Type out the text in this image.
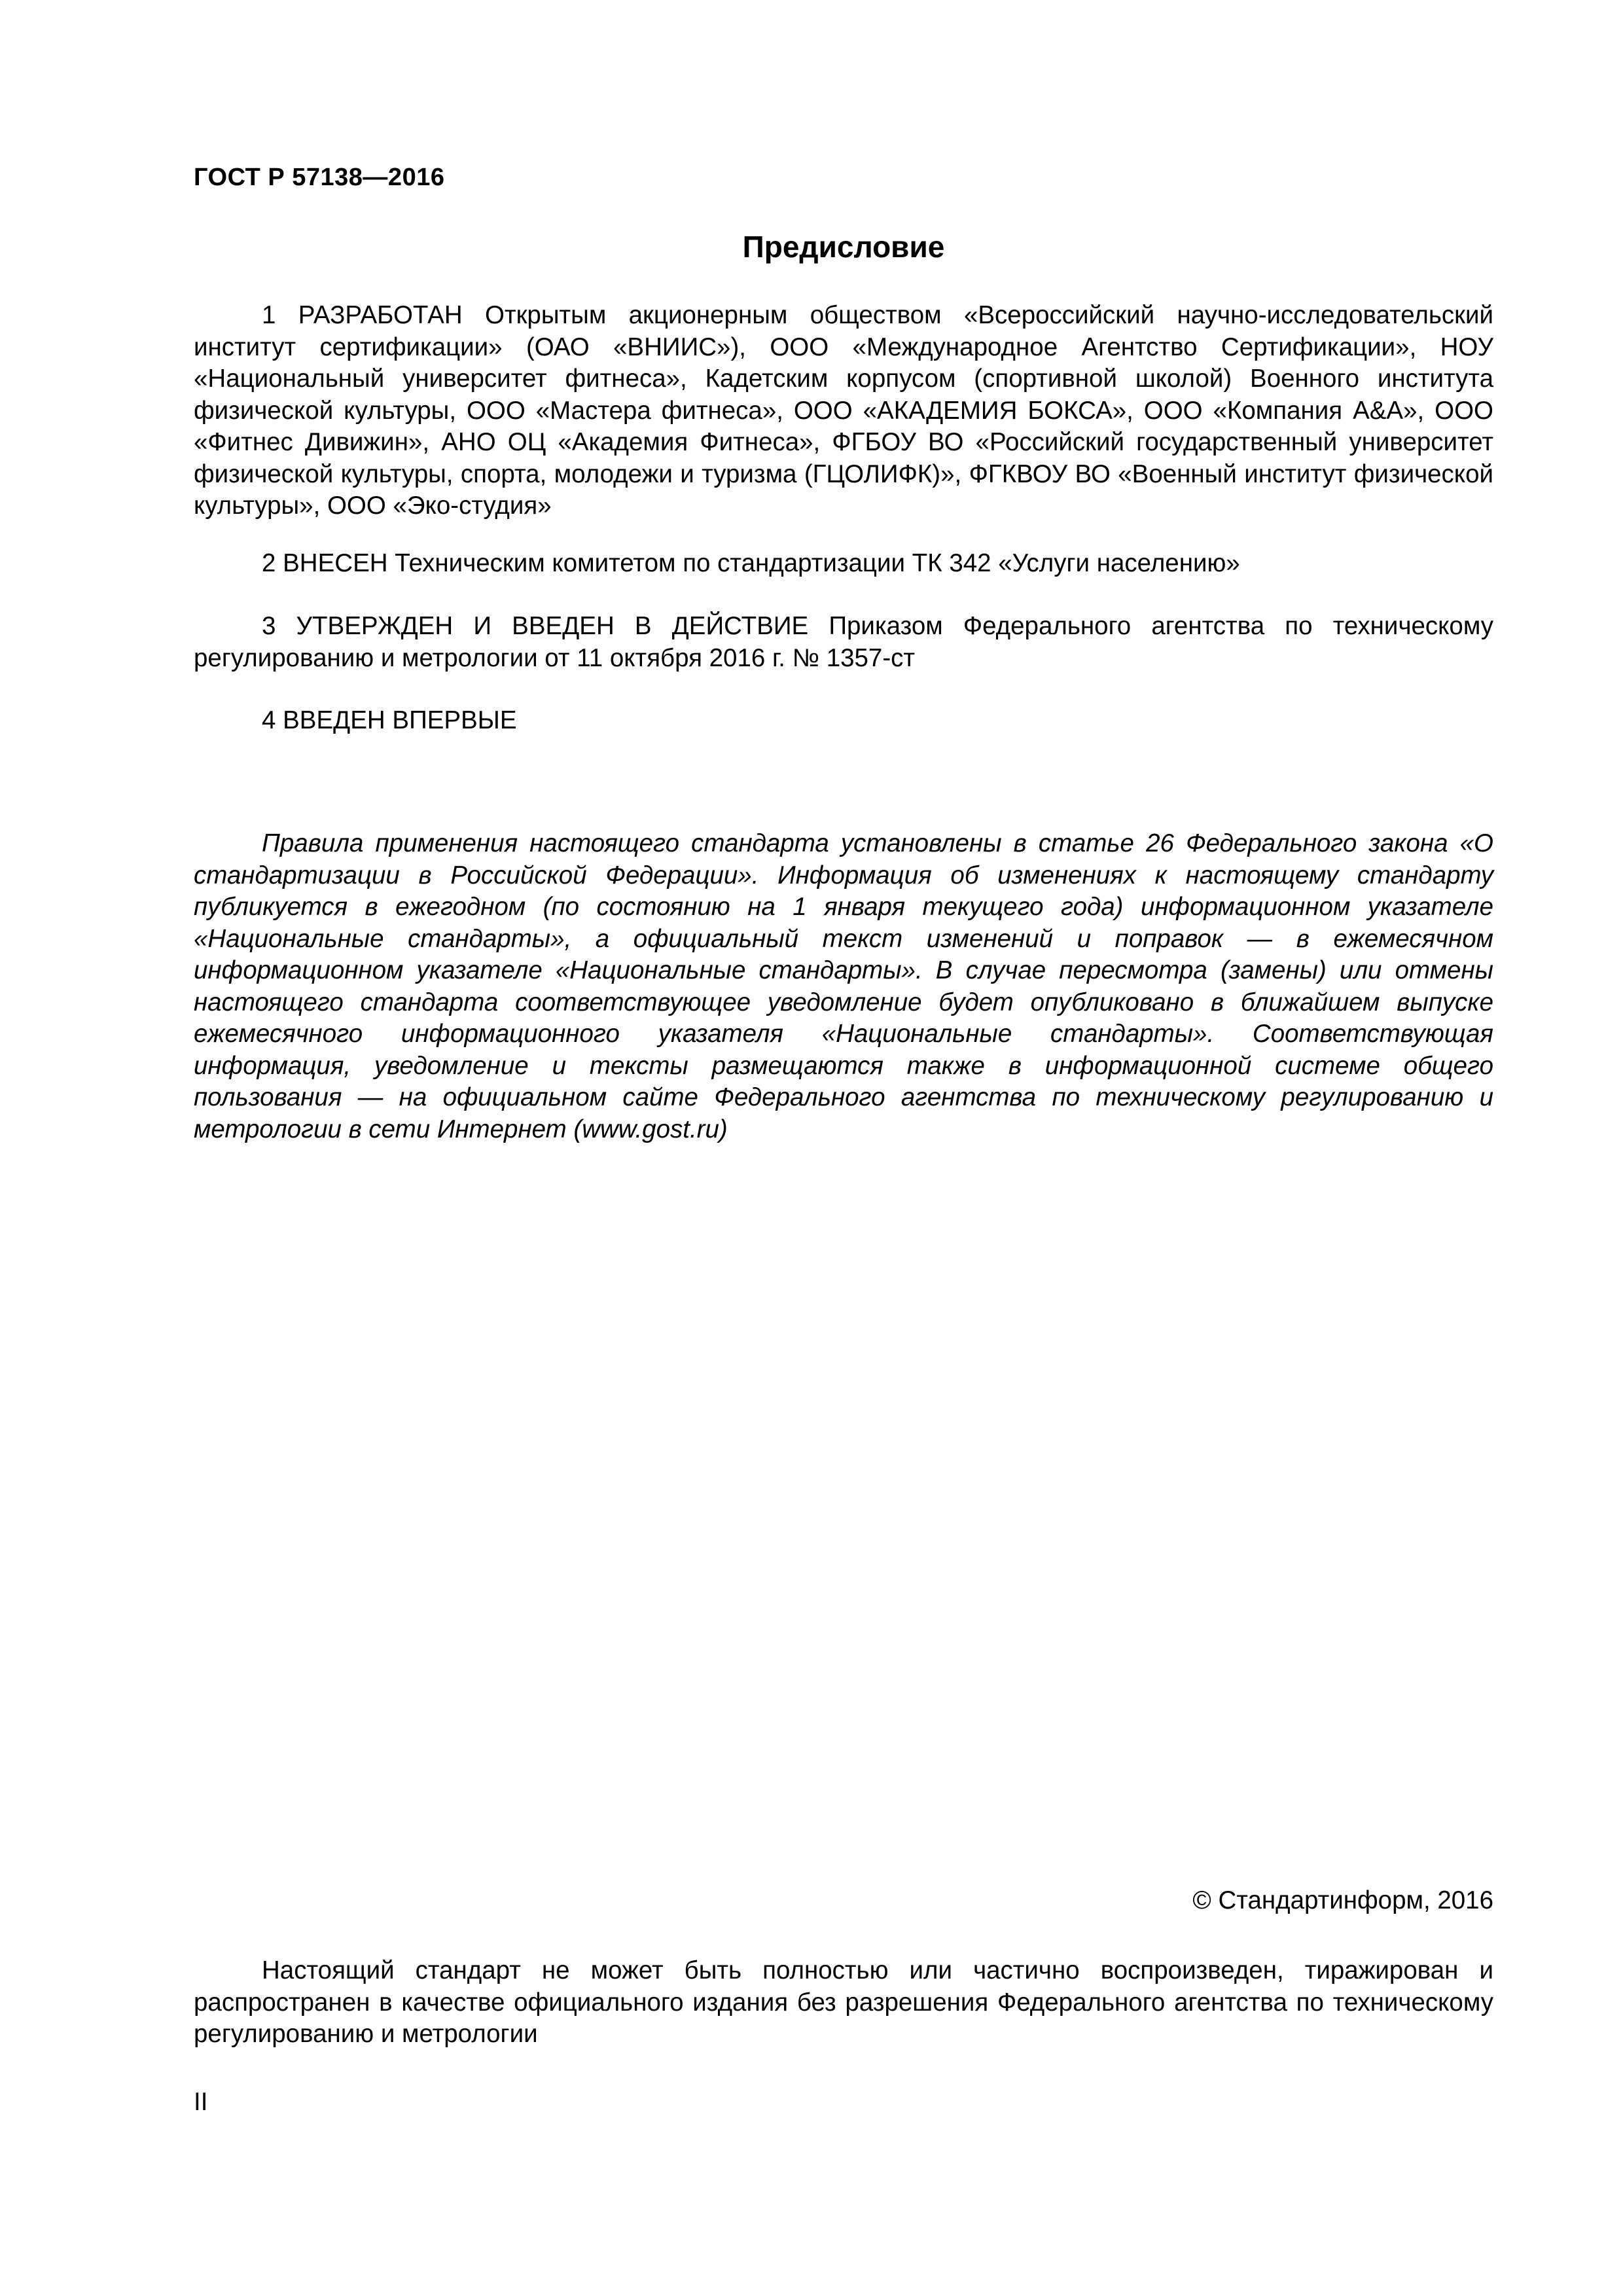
ГОСТ Р 57138—2016
Предисловие

1 РАЗРАБОТАН Открытым акционерным обществом «Всероссийский научно-исследовательский институт сертификации» (ОАО «ВНИИС»), ООО «Международное Агентство Сертификации», НОУ «Национальный университет фитнеса», Кадетским корпусом (спортивной школой) Военного института физической культуры, ООО «Мастера фитнеса», ООО «АКАДЕМИЯ БОКСА», ООО «Компания А&А», ООО «Фитнес Дивижин», АНО ОЦ «Академия Фитнеса», ФГБОУ ВО «Российский государственный университет физической культуры, спорта, молодежи и туризма (ГЦОЛИФК)», ФГКВОУ ВО «Военный институт физической культуры», ООО «Эко-студия»

2 ВНЕСЕН Техническим комитетом по стандартизации ТК 342 «Услуги населению»

3 УТВЕРЖДЕН И ВВЕДЕН В ДЕЙСТВИЕ Приказом Федерального агентства по техническому регулированию и метрологии от 11 октября 2016 г. № 1357-ст

4 ВВЕДЕН ВПЕРВЫЕ

Правила применения настоящего стандарта установлены в статье 26 Федерального закона «О стандартизации в Российской Федерации». Информация об изменениях к настоящему стандарту публикуется в ежегодном (по состоянию на 1 января текущего года) информационном указателе «Национальные стандарты», а официальный текст изменений и поправок — в ежемесячном информационном указателе «Национальные стандарты». В случае пересмотра (замены) или отмены настоящего стандарта соответствующее уведомление будет опубликовано в ближайшем выпуске ежемесячного информационного указателя «Национальные стандарты». Соответствующая информация, уведомление и тексты размещаются также в информационной системе общего пользования — на официальном сайте Федерального агентства по техническому регулированию и метрологии в сети Интернет (www.gost.ru)

© Стандартинформ, 2016

Настоящий стандарт не может быть полностью или частично воспроизведен, тиражирован и распространен в качестве официального издания без разрешения Федерального агентства по техническому регулированию и метрологии

II
